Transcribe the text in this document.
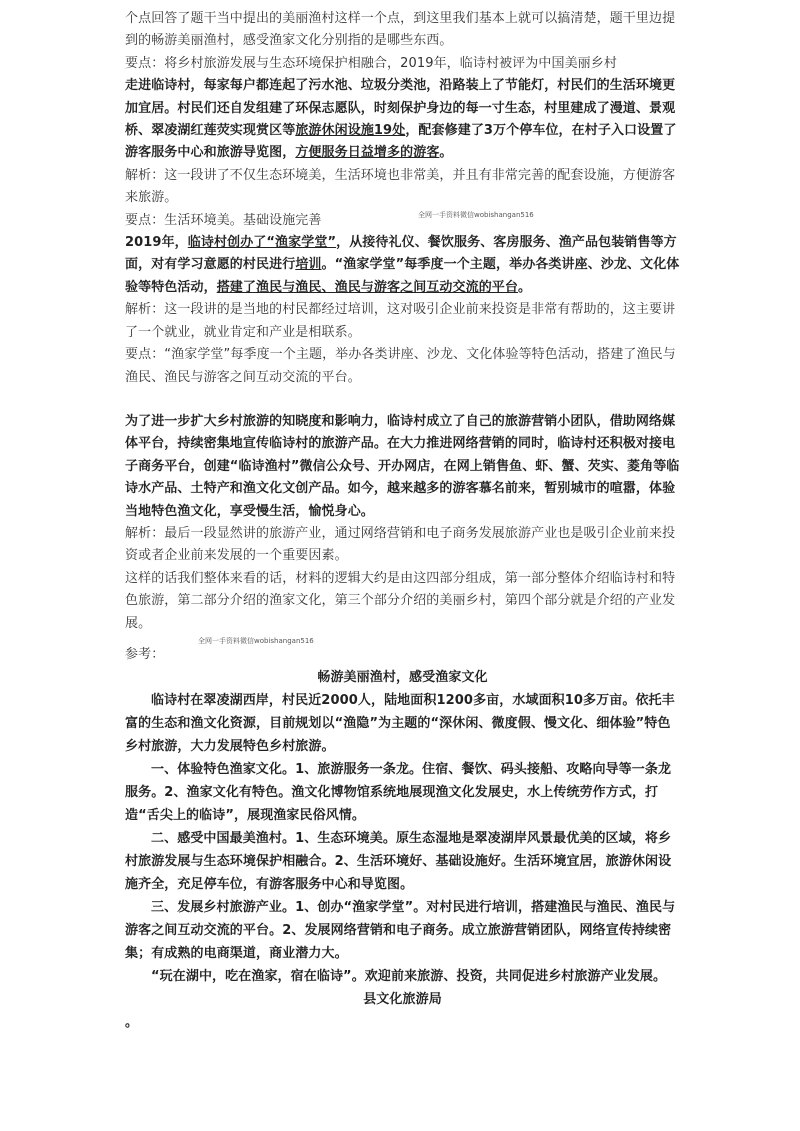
个点回答了题干当中提出的美丽渔村这样一个点，到这里我们基本上就可以搞清楚，题干里边提到的畅游美丽渔村，感受渔家文化分别指的是哪些东西。

要点：将乡村旅游发展与生态环境保护相融合，2019年，临诗村被评为中国美丽乡村

走进临诗村，每家每户都连起了污水池、垃圾分类池，沿路装上了节能灯，村民们的生活环境更加宜居。村民们还自发组建了环保志愿队，时刻保护身边的每一寸生态，村里建成了漫道、景观桥、翠凌湖红莲荧实现赏区等旅游休闲设施19处，配套修建了3万个停车位，在村子入口设置了游客服务中心和旅游导览图，方便服务日益增多的游客。

解析：这一段讲了不仅生态环境美，生活环境也非常美，并且有非常完善的配套设施，方便游客来旅游。

要点：生活环境美。基础设施完善

2019年，临诗村创办了“渔家学堂”，从接待礼仪、餐饮服务、客房服务、渔产品包装销售等方面，对有学习意愿的村民进行培训。“渔家学堂”每季度一个主题，举办各类讲座、沙龙、文化体验等特色活动，搭建了渔民与渔民、渔民与游客之间互动交流的平台。

解析：这一段讲的是当地的村民都经过培训，这对吸引企业前来投资是非常有帮助的，这主要讲了一个就业，就业肯定和产业是相联系。

要点：“渔家学堂”每季度一个主题，举办各类讲座、沙龙、文化体验等特色活动，搭建了渔民与渔民、渔民与游客之间互动交流的平台。

为了进一步扩大乡村旅游的知晓度和影响力，临诗村成立了自己的旅游营销小团队，借助网络媒体平台，持续密集地宣传临诗村的旅游产品。在大力推进网络营销的同时，临诗村还积极对接电子商务平台，创建“临诗渔村”微信公众号、开办网店，在网上销售鱼、虾、蟹、芡实、菱角等临诗水产品、土特产和渔文化文创产品。如今，越来越多的游客慕名前来，暂别城市的喧嚣，体验当地特色渔文化，享受慢生活，愉悦身心。

解析：最后一段显然讲的旅游产业，通过网络营销和电子商务发展旅游产业也是吸引企业前来投资或者企业前来发展的一个重要因素。

这样的话我们整体来看的话，材料的逻辑大约是由这四部分组成，第一部分整体介绍临诗村和特色旅游，第二部分介绍的渔家文化，第三个部分介绍的美丽乡村，第四个部分就是介绍的产业发展。

参考：

畅游美丽渔村，感受渔家文化

临诗村在翠凌湖西岸，村民近2000人，陆地面积1200多亩，水域面积10多万亩。依托丰富的生态和渔文化资源，目前规划以“渔隐”为主题的“深休闲、微度假、慢文化、细体验”特色乡村旅游，大力发展特色乡村旅游。

一、体验特色渔家文化。1、旅游服务一条龙。住宿、餐饮、码头接船、攻略向导等一条龙服务。2、渔家文化有特色。渔文化博物馆系统地展现渔文化发展史，水上传统劳作方式，打造“舌尖上的临诗”，展现渔家民俗风情。

二、感受中国最美渔村。1、生态环境美。原生态湿地是翠凌湖岸风景最优美的区域，将乡村旅游发展与生态环境保护相融合。2、生活环境好、基础设施好。生活环境宜居，旅游休闲设施齐全，充足停车位，有游客服务中心和导览图。

三、发展乡村旅游产业。1、创办“渔家学堂”。对村民进行培训，搭建渔民与渔民、渔民与游客之间互动交流的平台。2、发展网络营销和电子商务。成立旅游营销团队，网络宣传持续密集；有成熟的电商渠道，商业潜力大。

“玩在湖中，吃在渔家，宿在临诗”。欢迎前来旅游、投资，共同促进乡村旅游产业发展。

县文化旅游局

。

全网一手资料微信wobishangan516
全网一手资料微信wobishangan516
